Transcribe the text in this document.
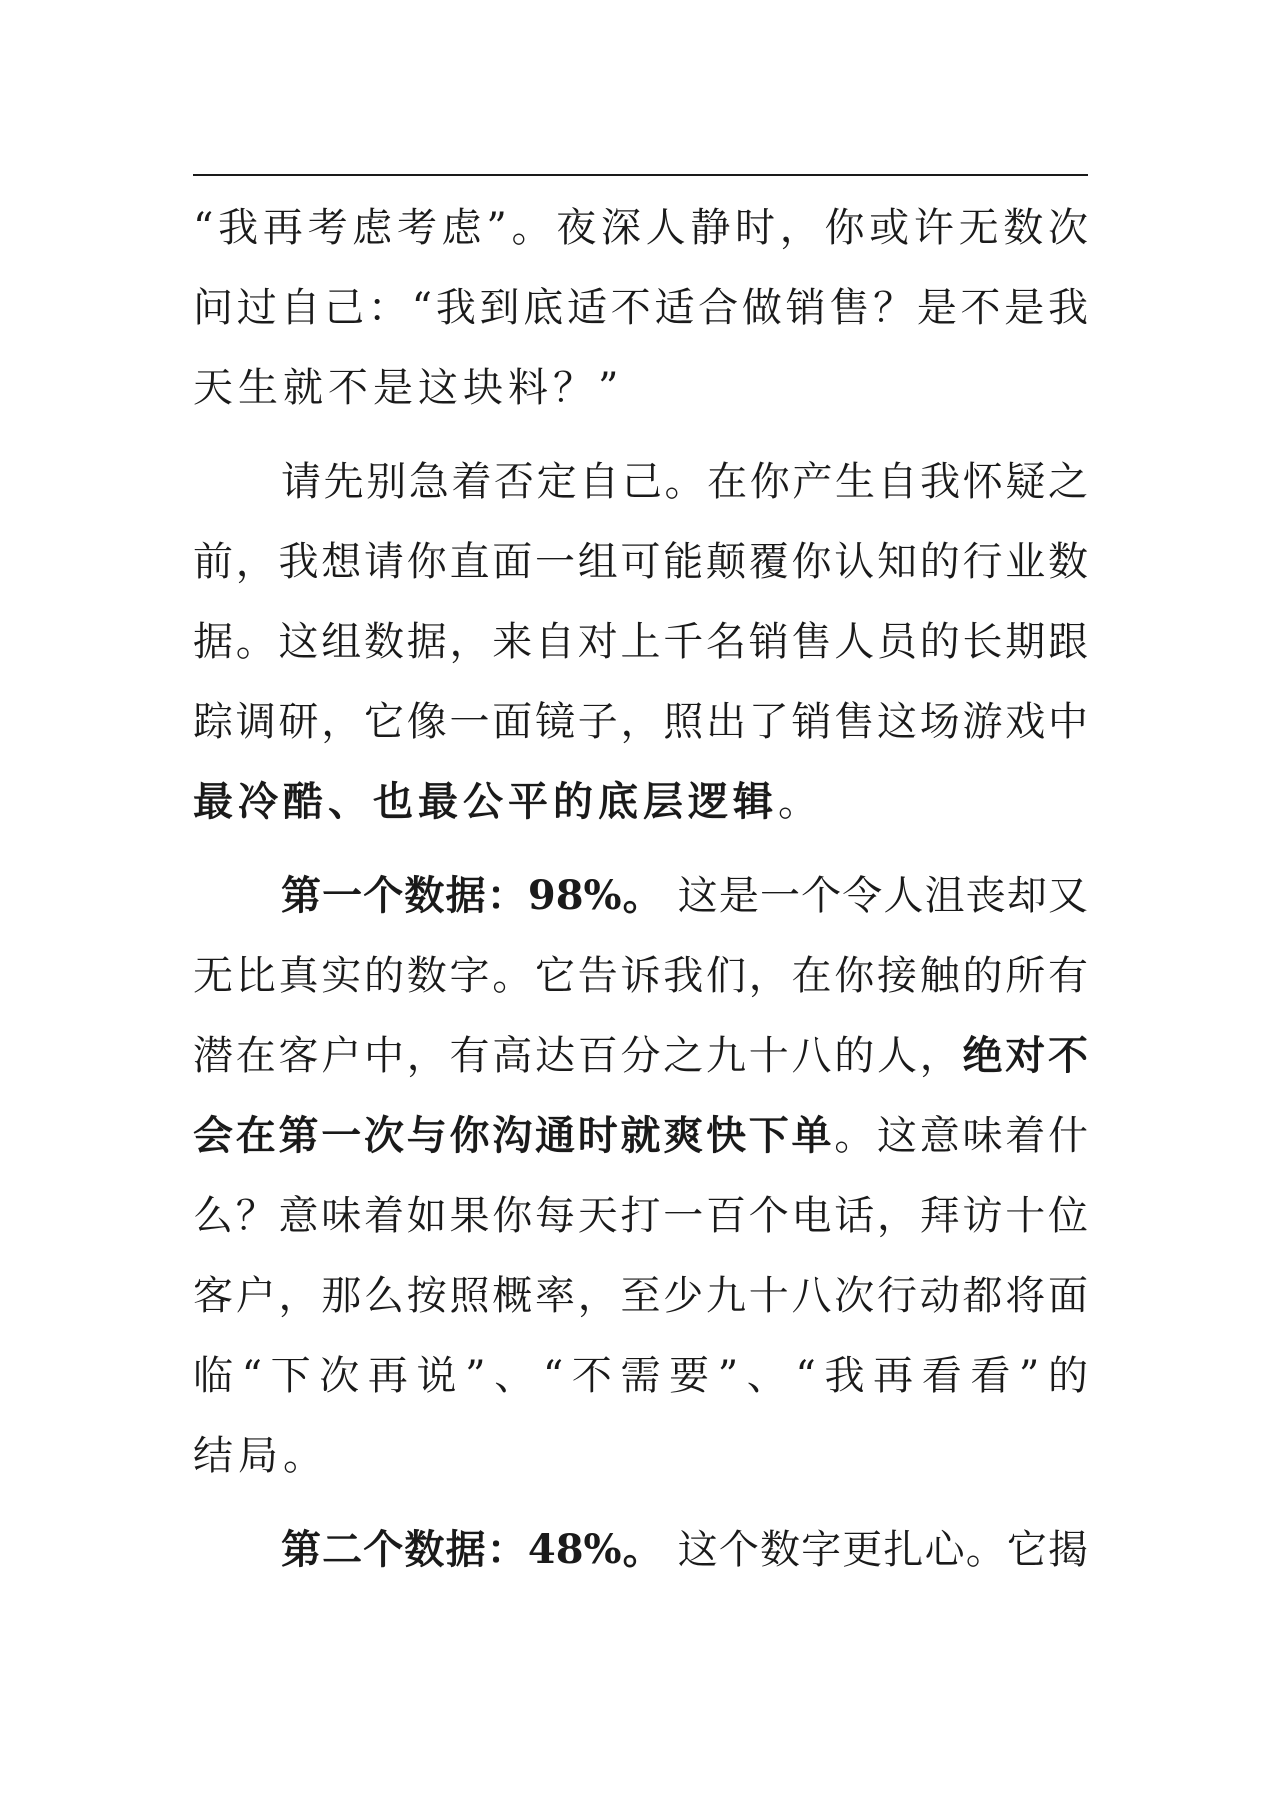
“我再考虑考虑”。夜深人静时，你或许无数次
问过自己：“我到底适不适合做销售？是不是我
天生就不是这块料？”
请先别急着否定自己。在你产生自我怀疑之
前，我想请你直面一组可能颠覆你认知的行业数
据。这组数据，来自对上千名销售人员的长期跟
踪调研，它像一面镜子，照出了销售这场游戏中
最冷酷、也最公平的底层逻辑。
第一个数据：98%。 这是一个令人沮丧却又
无比真实的数字。它告诉我们，在你接触的所有
潜在客户中，有高达百分之九十八的人，绝对不
会在第一次与你沟通时就爽快下单。这意味着什
么？意味着如果你每天打一百个电话，拜访十位
客户，那么按照概率，至少九十八次行动都将面
临“下次再说”、“不需要”、“我再看看”的
结局。
第二个数据：48%。 这个数字更扎心。它揭
